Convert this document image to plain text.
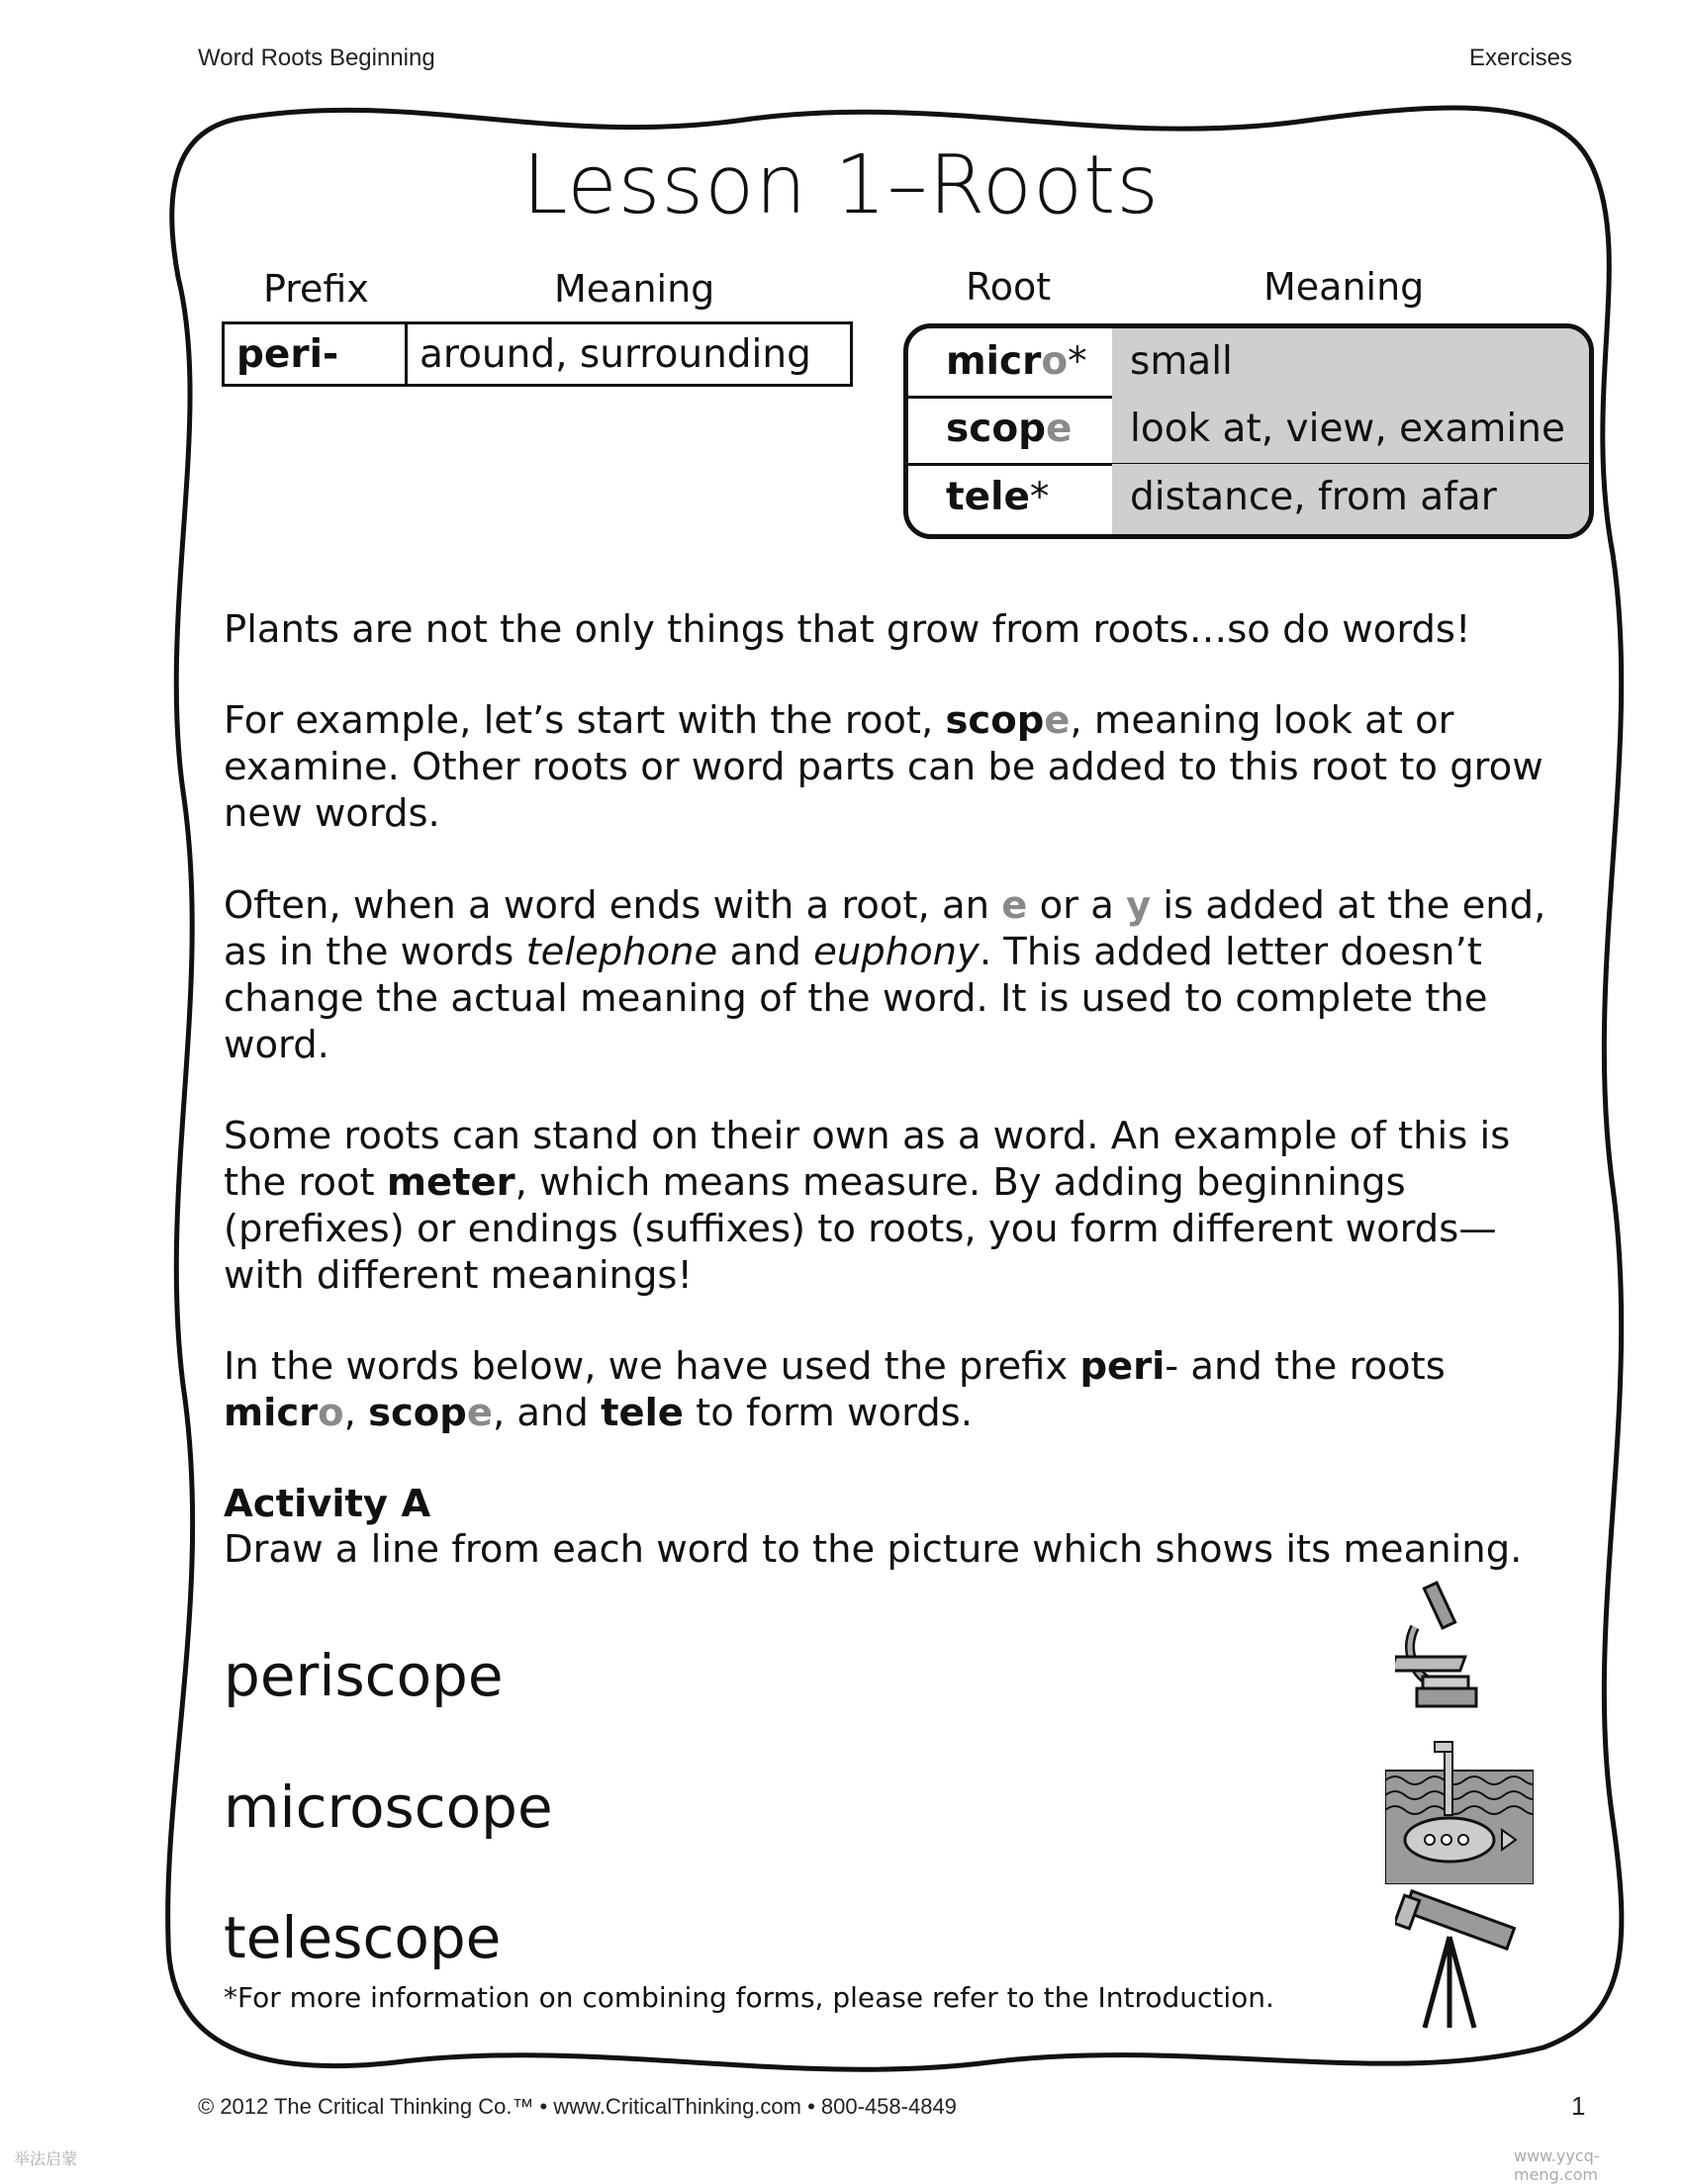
Word Roots Beginning	Exercises
Lesson 1–Roots
Prefix	Meaning
peri-	around, surrounding
Root	Meaning
micro*	small
scope	look at, view, examine
tele*	distance, from afar
Plants are not the only things that grow from roots…so do words!
For example, let’s start with the root, scope, meaning look at or examine. Other roots or word parts can be added to this root to grow new words.
Often, when a word ends with a root, an e or a y is added at the end, as in the words telephone and euphony. This added letter doesn’t change the actual meaning of the word. It is used to complete the word.
Some roots can stand on their own as a word. An example of this is the root meter, which means measure. By adding beginnings (prefixes) or endings (suffixes) to roots, you form different words—with different meanings!
In the words below, we have used the prefix peri- and the roots micro, scope, and tele to form words.
Activity A
Draw a line from each word to the picture which shows its meaning.
periscope
microscope
telescope
*For more information on combining forms, please refer to the Introduction.
© 2012 The Critical Thinking Co.™ • www.CriticalThinking.com • 800-458-4849	1
举法启蒙	www.yycq-meng.com
